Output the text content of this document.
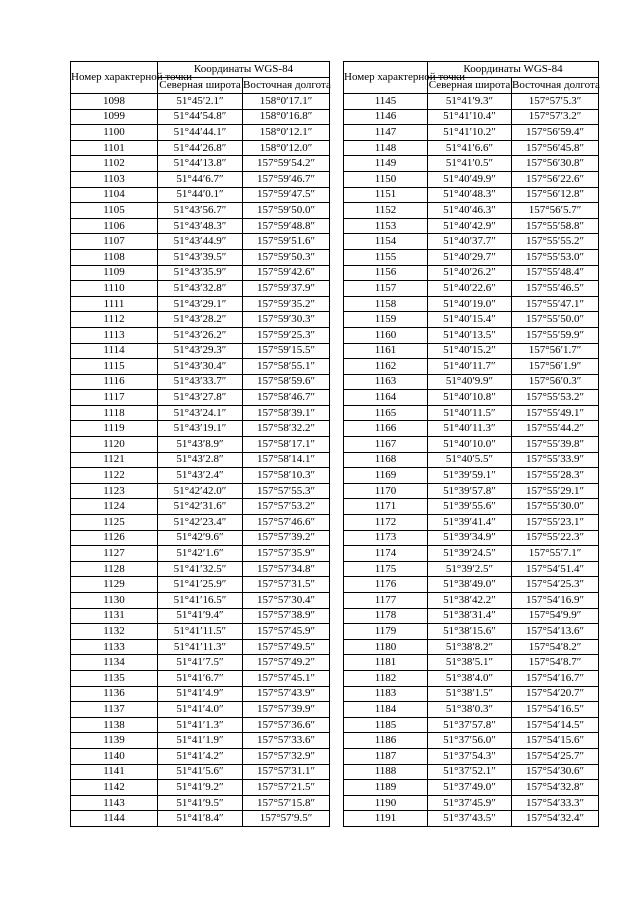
Номер характерной точки	Координаты WGS-84	
	Северная широта	Восточная долгота
1098	51°45′2.1″	158°0′17.1″
1099	51°44′54.8″	158°0′16.8″
1100	51°44′44.1″	158°0′12.1″
1101	51°44′26.8″	158°0′12.0″
1102	51°44′13.8″	157°59′54.2″
1103	51°44′6.7″	157°59′46.7″
1104	51°44′0.1″	157°59′47.5″
1105	51°43′56.7″	157°59′50.0″
1106	51°43′48.3″	157°59′48.8″
1107	51°43′44.9″	157°59′51.6″
1108	51°43′39.5″	157°59′50.3″
1109	51°43′35.9″	157°59′42.6″
1110	51°43′32.8″	157°59′37.9″
1111	51°43′29.1″	157°59′35.2″
1112	51°43′28.2″	157°59′30.3″
1113	51°43′26.2″	157°59′25.3″
1114	51°43′29.3″	157°59′15.5″
1115	51°43′30.4″	157°58′55.1″
1116	51°43′33.7″	157°58′59.6″
1117	51°43′27.8″	157°58′46.7″
1118	51°43′24.1″	157°58′39.1″
1119	51°43′19.1″	157°58′32.2″
1120	51°43′8.9″	157°58′17.1″
1121	51°43′2.8″	157°58′14.1″
1122	51°43′2.4″	157°58′10.3″
1123	51°42′42.0″	157°57′55.3″
1124	51°42′31.6″	157°57′53.2″
1125	51°42′23.4″	157°57′46.6″
1126	51°42′9.6″	157°57′39.2″
1127	51°42′1.6″	157°57′35.9″
1128	51°41′32.5″	157°57′34.8″
1129	51°41′25.9″	157°57′31.5″
1130	51°41′16.5″	157°57′30.4″
1131	51°41′9.4″	157°57′38.9″
1132	51°41′11.5″	157°57′45.9″
1133	51°41′11.3″	157°57′49.5″
1134	51°41′7.5″	157°57′49.2″
1135	51°41′6.7″	157°57′45.1″
1136	51°41′4.9″	157°57′43.9″
1137	51°41′4.0″	157°57′39.9″
1138	51°41′1.3″	157°57′36.6″
1139	51°41′1.9″	157°57′33.6″
1140	51°41′4.2″	157°57′32.9″
1141	51°41′5.6″	157°57′31.1″
1142	51°41′9.2″	157°57′21.5″
1143	51°41′9.5″	157°57′15.8″
1144	51°41′8.4″	157°57′9.5″
Номер характерной точки	Координаты WGS-84	
	Северная широта	Восточная долгота
1145	51°41′9.3″	157°57′5.3″
1146	51°41′10.4″	157°57′3.2″
1147	51°41′10.2″	157°56′59.4″
1148	51°41′6.6″	157°56′45.8″
1149	51°41′0.5″	157°56′30.8″
1150	51°40′49.9″	157°56′22.6″
1151	51°40′48.3″	157°56′12.8″
1152	51°40′46.3″	157°56′5.7″
1153	51°40′42.9″	157°55′58.8″
1154	51°40′37.7″	157°55′55.2″
1155	51°40′29.7″	157°55′53.0″
1156	51°40′26.2″	157°55′48.4″
1157	51°40′22.6″	157°55′46.5″
1158	51°40′19.0″	157°55′47.1″
1159	51°40′15.4″	157°55′50.0″
1160	51°40′13.5″	157°55′59.9″
1161	51°40′15.2″	157°56′1.7″
1162	51°40′11.7″	157°56′1.9″
1163	51°40′9.9″	157°56′0.3″
1164	51°40′10.8″	157°55′53.2″
1165	51°40′11.5″	157°55′49.1″
1166	51°40′11.3″	157°55′44.2″
1167	51°40′10.0″	157°55′39.8″
1168	51°40′5.5″	157°55′33.9″
1169	51°39′59.1″	157°55′28.3″
1170	51°39′57.8″	157°55′29.1″
1171	51°39′55.6″	157°55′30.0″
1172	51°39′41.4″	157°55′23.1″
1173	51°39′34.9″	157°55′22.3″
1174	51°39′24.5″	157°55′7.1″
1175	51°39′2.5″	157°54′51.4″
1176	51°38′49.0″	157°54′25.3″
1177	51°38′42.2″	157°54′16.9″
1178	51°38′31.4″	157°54′9.9″
1179	51°38′15.6″	157°54′13.6″
1180	51°38′8.2″	157°54′8.2″
1181	51°38′5.1″	157°54′8.7″
1182	51°38′4.0″	157°54′16.7″
1183	51°38′1.5″	157°54′20.7″
1184	51°38′0.3″	157°54′16.5″
1185	51°37′57.8″	157°54′14.5″
1186	51°37′56.0″	157°54′15.6″
1187	51°37′54.3″	157°54′25.7″
1188	51°37′52.1″	157°54′30.6″
1189	51°37′49.0″	157°54′32.8″
1190	51°37′45.9″	157°54′33.3″
1191	51°37′43.5″	157°54′32.4″
